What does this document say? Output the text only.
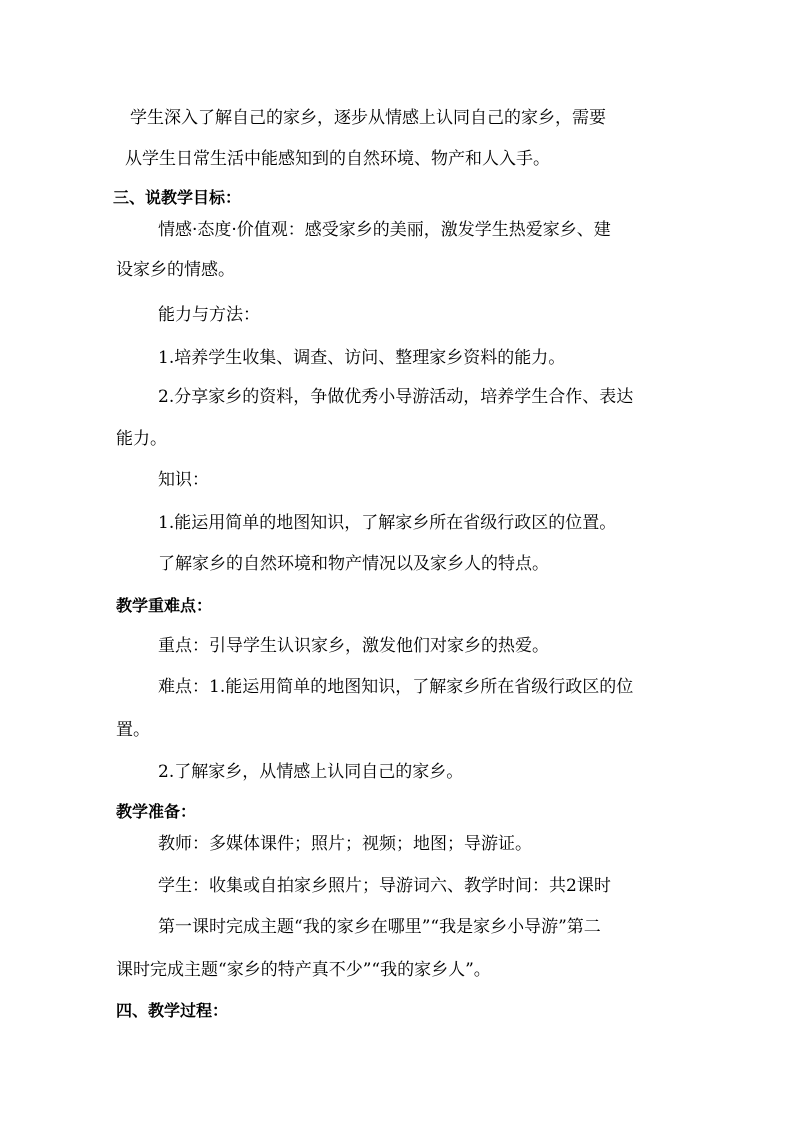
学生深入了解自己的家乡，逐步从情感上认同自己的家乡，需要
从学生日常生活中能感知到的自然环境、物产和人入手。
三、说教学目标：
情感·态度·价值观：感受家乡的美丽，激发学生热爱家乡、建
设家乡的情感。
能力与方法：
1.培养学生收集、调查、访问、整理家乡资料的能力。
2.分享家乡的资料，争做优秀小导游活动，培养学生合作、表达
能力。
知识：
1.能运用简单的地图知识，了解家乡所在省级行政区的位置。
了解家乡的自然环境和物产情况以及家乡人的特点。
教学重难点：
重点：引导学生认识家乡，激发他们对家乡的热爱。
难点：1.能运用简单的地图知识，了解家乡所在省级行政区的位
置。
2.了解家乡，从情感上认同自己的家乡。
教学准备：
教师：多媒体课件；照片；视频；地图；导游证。
学生：收集或自拍家乡照片；导游词六、教学时间：共2课时
第一课时完成主题“我的家乡在哪里”“我是家乡小导游”第二
课时完成主题“家乡的特产真不少”“我的家乡人”。
四、教学过程：
